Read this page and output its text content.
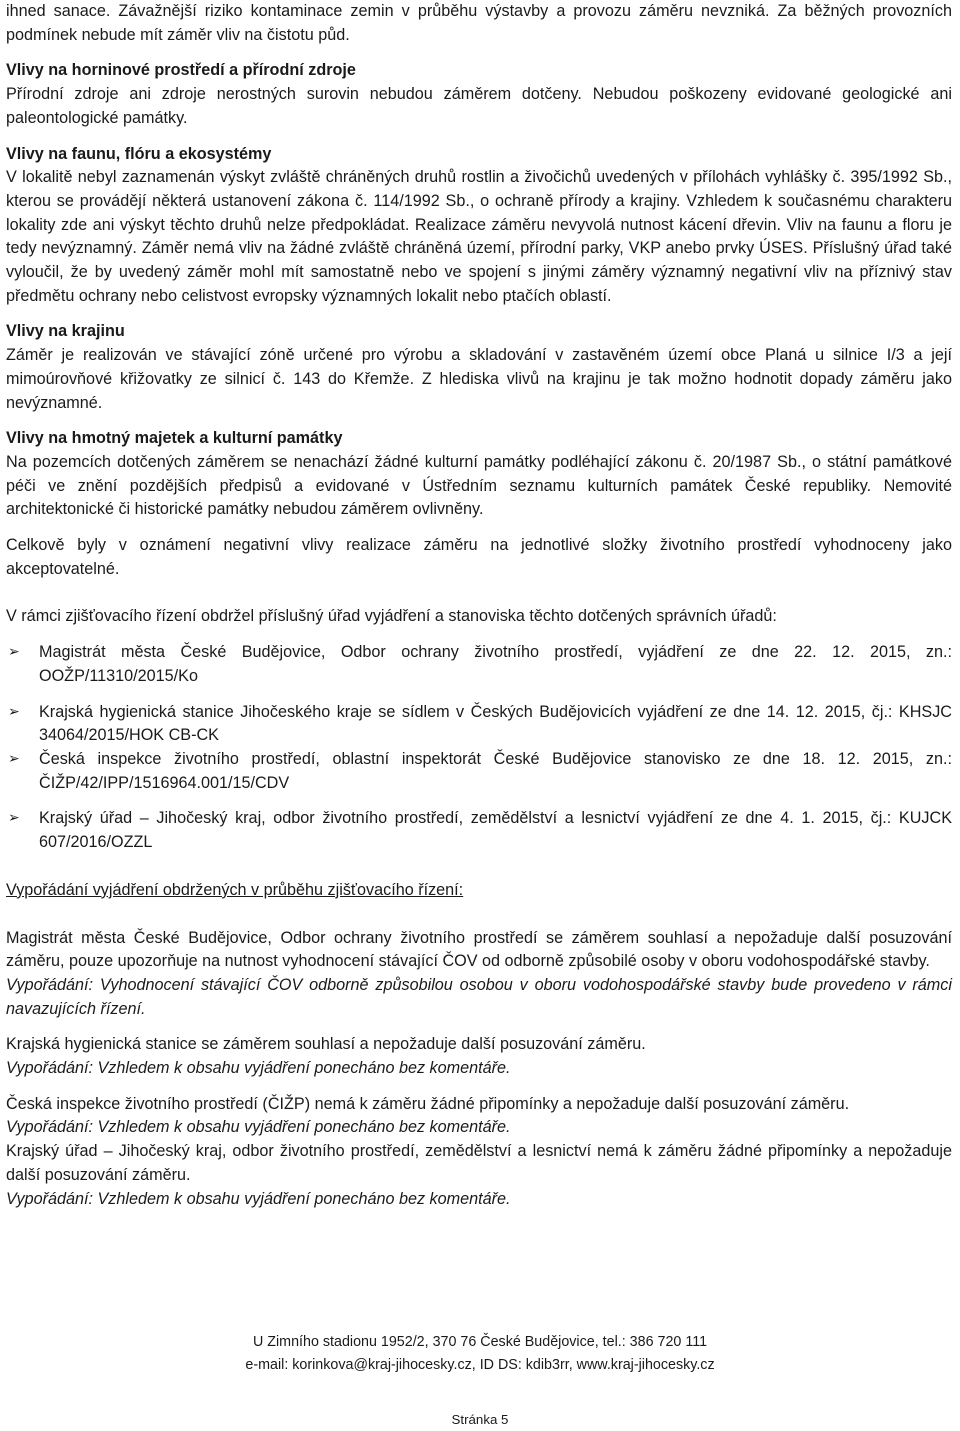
ihned sanace. Závažnější riziko kontaminace zemin v průběhu výstavby a provozu záměru nevzniká. Za běžných provozních podmínek nebude mít záměr vliv na čistotu půd.

Vlivy na horninové prostředí a přírodní zdroje

Přírodní zdroje ani zdroje nerostných surovin nebudou záměrem dotčeny. Nebudou poškozeny evidované geologické ani paleontologické památky.

Vlivy na faunu, flóru a ekosystémy

V lokalitě nebyl zaznamenán výskyt zvláště chráněných druhů rostlin a živočichů uvedených v přílohách vyhlášky č. 395/1992 Sb., kterou se provádějí některá ustanovení zákona č. 114/1992 Sb., o ochraně přírody a krajiny. Vzhledem k současnému charakteru lokality zde ani výskyt těchto druhů nelze předpokládat. Realizace záměru nevyvolá nutnost kácení dřevin. Vliv na faunu a floru je tedy nevýznamný. Záměr nemá vliv na žádné zvláště chráněná území, přírodní parky, VKP anebo prvky ÚSES. Příslušný úřad také vyloučil, že by uvedený záměr mohl mít samostatně nebo ve spojení s jinými záměry významný negativní vliv na příznivý stav předmětu ochrany nebo celistvost evropsky významných lokalit nebo ptačích oblastí.

Vlivy na krajinu

Záměr je realizován ve stávající zóně určené pro výrobu a skladování v zastavěném území obce Planá u silnice I/3 a její mimoúrovňové křižovatky ze silnicí č. 143 do Křemže. Z hlediska vlivů na krajinu je tak možno hodnotit dopady záměru jako nevýznamné.

Vlivy na hmotný majetek a kulturní památky

Na pozemcích dotčených záměrem se nenachází žádné kulturní památky podléhající zákonu č. 20/1987 Sb., o státní památkové péči ve znění pozdějších předpisů a evidované v Ústředním seznamu kulturních památek České republiky. Nemovité architektonické či historické památky nebudou záměrem ovlivněny.

Celkově byly v oznámení negativní vlivy realizace záměru na jednotlivé složky životního prostředí vyhodnoceny jako akceptovatelné.

V rámci zjišťovacího řízení obdržel příslušný úřad vyjádření a stanoviska těchto dotčených správních úřadů:

➢ Magistrát města České Budějovice, Odbor ochrany životního prostředí, vyjádření ze dne 22. 12. 2015, zn.: OOŽP/11310/2015/Ko
➢ Krajská hygienická stanice Jihočeského kraje se sídlem v Českých Budějovicích vyjádření ze dne 14. 12. 2015, čj.: KHSJC 34064/2015/HOK CB-CK
➢ Česká inspekce životního prostředí, oblastní inspektorát České Budějovice stanovisko ze dne 18. 12. 2015, zn.: ČIŽP/42/IPP/1516964.001/15/CDV
➢ Krajský úřad – Jihočeský kraj, odbor životního prostředí, zemědělství a lesnictví vyjádření ze dne 4. 1. 2015, čj.: KUJCK 607/2016/OZZL

Vypořádání vyjádření obdržených v průběhu zjišťovacího řízení:

Magistrát města České Budějovice, Odbor ochrany životního prostředí se záměrem souhlasí a nepožaduje další posuzování záměru, pouze upozorňuje na nutnost vyhodnocení stávající ČOV od odborně způsobilé osoby v oboru vodohospodářské stavby.

Vypořádání: Vyhodnocení stávající ČOV odborně způsobilou osobou v oboru vodohospodářské stavby bude provedeno v rámci navazujících řízení.

Krajská hygienická stanice se záměrem souhlasí a nepožaduje další posuzování záměru.

Vypořádání: Vzhledem k obsahu vyjádření ponecháno bez komentáře.

Česká inspekce životního prostředí (ČIŽP) nemá k záměru žádné připomínky a nepožaduje další posuzování záměru.

Vypořádání: Vzhledem k obsahu vyjádření ponecháno bez komentáře.

Krajský úřad – Jihočeský kraj, odbor životního prostředí, zemědělství a lesnictví nemá k záměru žádné připomínky a nepožaduje další posuzování záměru.

Vypořádání: Vzhledem k obsahu vyjádření ponecháno bez komentáře.

U Zimního stadionu 1952/2, 370 76 České Budějovice, tel.: 386 720 111
e-mail: korinkova@kraj-jihocesky.cz, ID DS: kdib3rr, www.kraj-jihocesky.cz
Stránka 5
